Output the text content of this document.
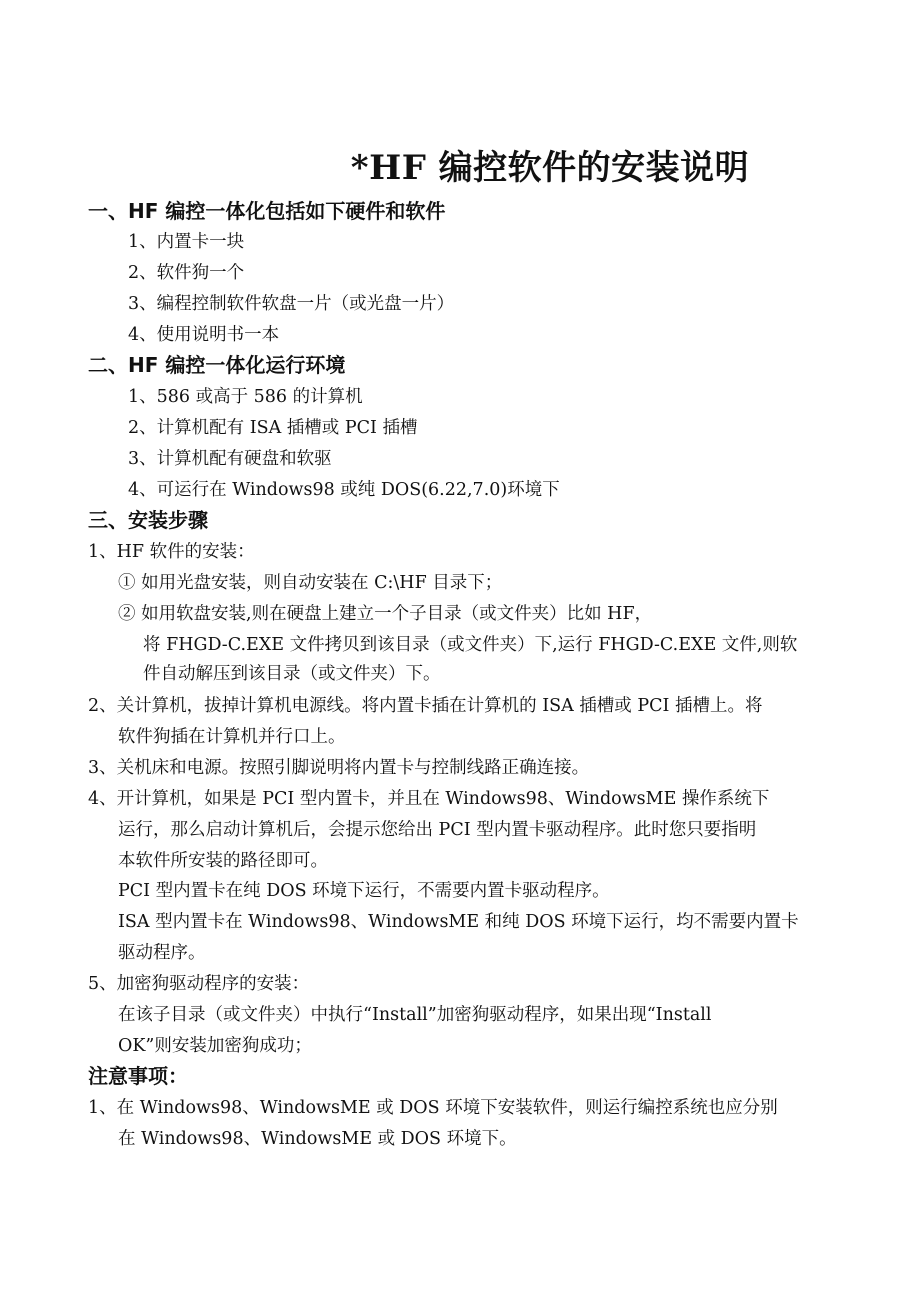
*HF 编控软件的安装说明
一、HF 编控一体化包括如下硬件和软件
1、内置卡一块
2、软件狗一个
3、编程控制软件软盘一片（或光盘一片）
4、使用说明书一本
二、HF 编控一体化运行环境
1、586 或高于 586 的计算机
2、计算机配有 ISA 插槽或 PCI 插槽
3、计算机配有硬盘和软驱
4、可运行在 Windows98 或纯 DOS(6.22,7.0)环境下
三、安装步骤
1、HF 软件的安装：
① 如用光盘安装，则自动安装在 C:\HF 目录下；
② 如用软盘安装,则在硬盘上建立一个子目录（或文件夹）比如 HF，
将 FHGD-C.EXE 文件拷贝到该目录（或文件夹）下,运行 FHGD-C.EXE 文件,则软
件自动解压到该目录（或文件夹）下。
2、关计算机，拔掉计算机电源线。将内置卡插在计算机的 ISA 插槽或 PCI 插槽上。将
软件狗插在计算机并行口上。
3、关机床和电源。按照引脚说明将内置卡与控制线路正确连接。
4、开计算机，如果是 PCI 型内置卡，并且在 Windows98、WindowsME 操作系统下
运行，那么启动计算机后，会提示您给出 PCI 型内置卡驱动程序。此时您只要指明
本软件所安装的路径即可。
PCI 型内置卡在纯 DOS 环境下运行，不需要内置卡驱动程序。
ISA 型内置卡在 Windows98、WindowsME 和纯 DOS 环境下运行，均不需要内置卡
驱动程序。
5、加密狗驱动程序的安装：
在该子目录（或文件夹）中执行“Install”加密狗驱动程序，如果出现“Install
OK”则安装加密狗成功；
注意事项：
1、在 Windows98、WindowsME 或 DOS 环境下安装软件，则运行编控系统也应分别
在 Windows98、WindowsME 或 DOS 环境下。
